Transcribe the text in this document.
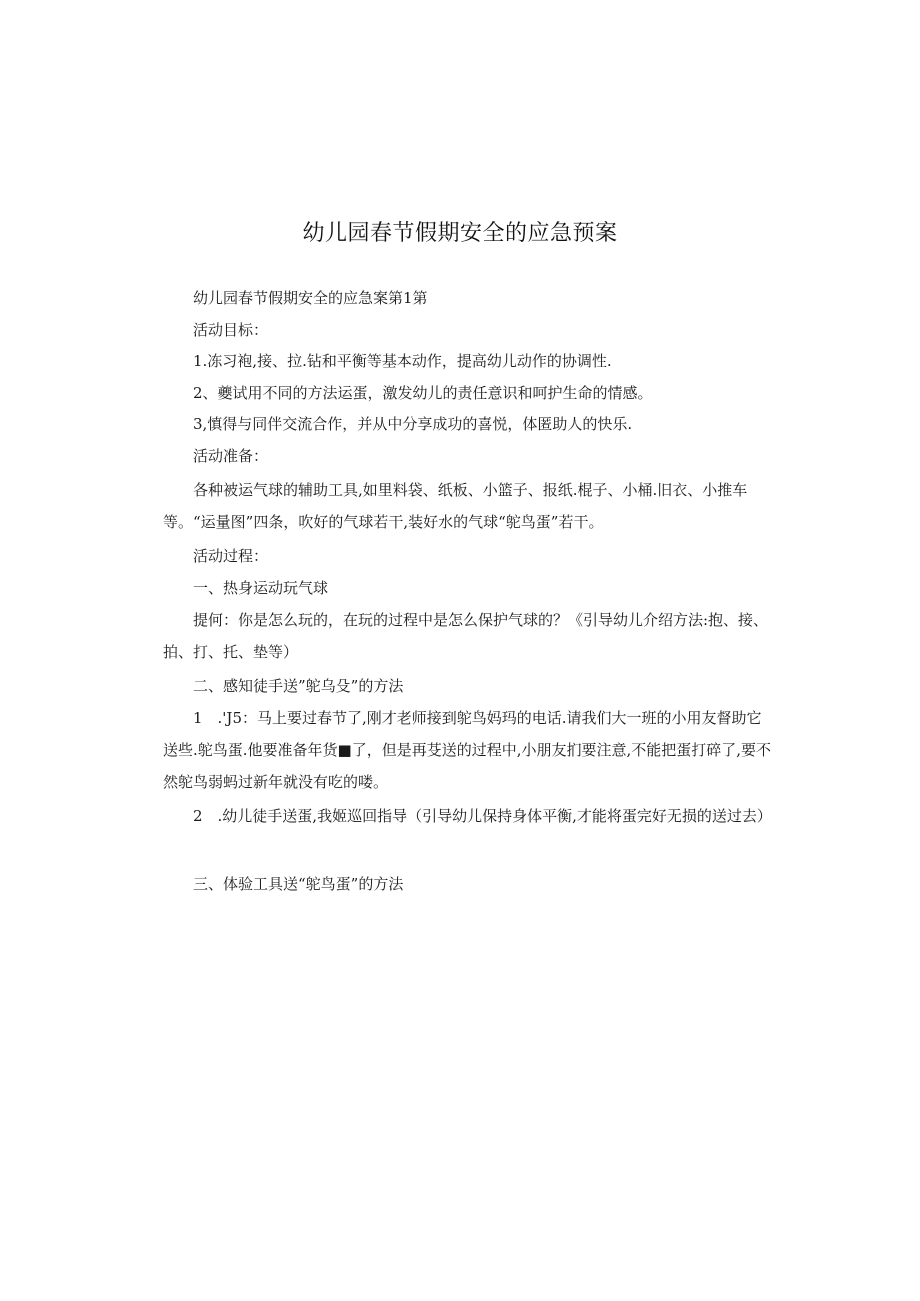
幼儿园春节假期安全的应急预案

幼儿园春节假期安全的应急案第1第

活动目标：

1.冻习袍,接、拉.钻和平衡等基本动作，提高幼儿动作的协调性.

2、夔试用不同的方法运蛋，激发幼儿的责任意识和呵护生命的情感。

3,慎得与同伴交流合作，并从中分享成功的喜悦，体匿助人的快乐.

活动准备：

各种被运气球的辅助工具,如里料袋、纸板、小篮子、报纸.棍子、小桶.旧衣、小推车等。“运量图”四条，吹好的气球若干,装好水的气球“鸵鸟蛋”若干。

活动过程：

一、热身运动玩气球

提何：你是怎么玩的，在玩的过程中是怎么保护气球的？《引导幼儿介绍方法:抱、接、拍、打、托、垫等）

二、感知徒手送”鸵乌殳”的方法

1　.'J5：马上要过春节了,刚才老师接到鸵鸟妈玛的电话.请我们大一班的小用友督助它送些.鸵鸟蛋.他要准备年货■了，但是再芟送的过程中,小朋友扪要注意,不能把蛋打碎了,要不然鸵鸟弱蚂过新年就没有吃的喽。

2　.幼儿徒手送蛋,我姬巡回指导（引导幼儿保持身体平衡,才能将蛋完好无损的送过去）

三、体验工具送“鸵鸟蛋”的方法
